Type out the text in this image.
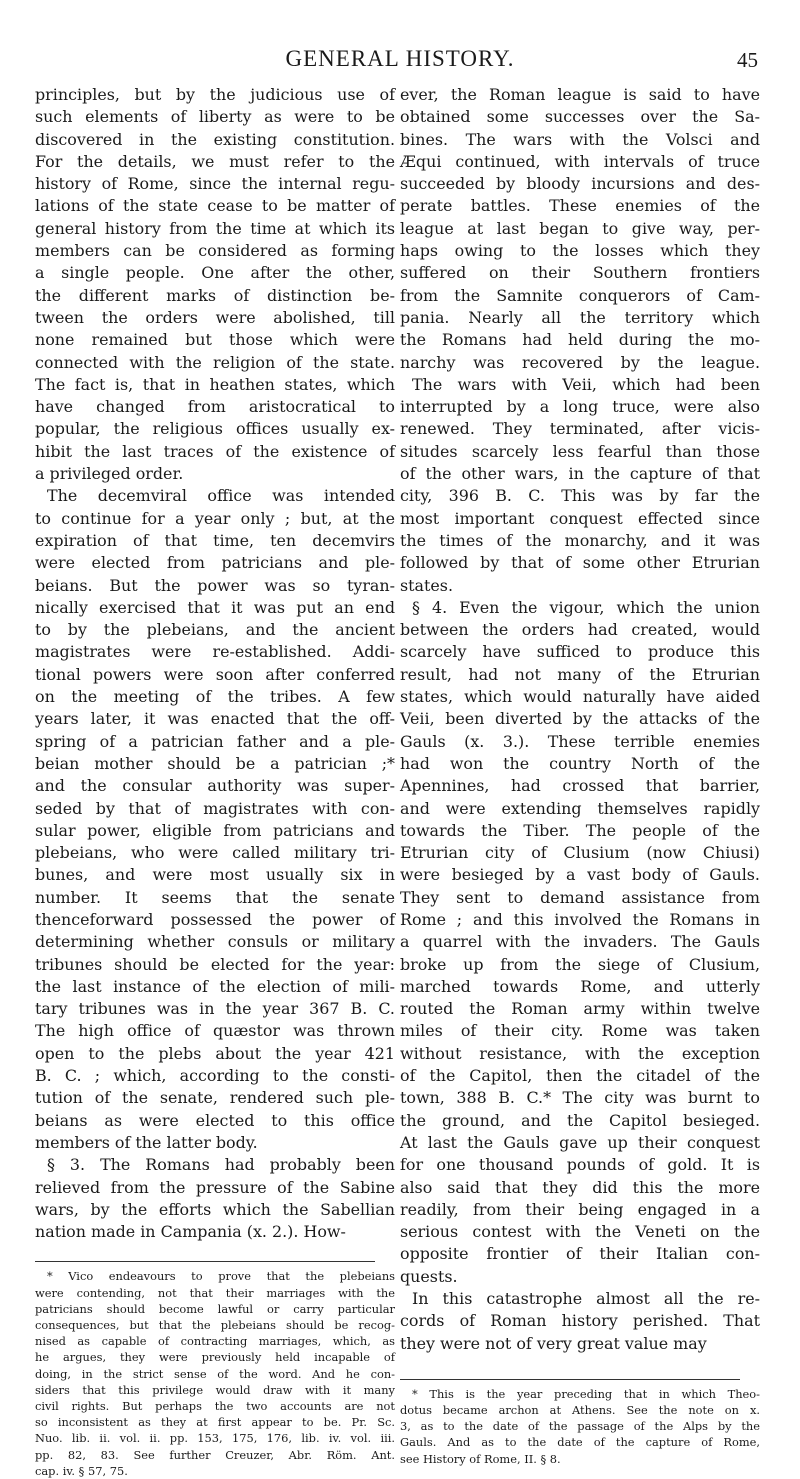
GENERAL HISTORY.	45
principles, but by the judicious use of
such elements of liberty as were to be
discovered in the existing constitution.
For the details, we must refer to the
history of Rome, since the internal regu-
lations of the state cease to be matter of
general history from the time at which its
members can be considered as forming
a single people. One after the other,
the different marks of distinction be-
tween the orders were abolished, till
none remained but those which were
connected with the religion of the state.
The fact is, that in heathen states, which
have changed from aristocratical to
popular, the religious offices usually ex-
hibit the last traces of the existence of
a privileged order.
The decemviral office was intended
to continue for a year only ; but, at the
expiration of that time, ten decemvirs
were elected from patricians and ple-
beians. But the power was so tyran-
nically exercised that it was put an end
to by the plebeians, and the ancient
magistrates were re-established. Addi-
tional powers were soon after conferred
on the meeting of the tribes. A few
years later, it was enacted that the off-
spring of a patrician father and a ple-
beian mother should be a patrician ;*
and the consular authority was super-
seded by that of magistrates with con-
sular power, eligible from patricians and
plebeians, who were called military tri-
bunes, and were most usually six in
number. It seems that the senate
thenceforward possessed the power of
determining whether consuls or military
tribunes should be elected for the year:
the last instance of the election of mili-
tary tribunes was in the year 367 B. C.
The high office of quæstor was thrown
open to the plebs about the year 421
B. C. ; which, according to the consti-
tution of the senate, rendered such ple-
beians as were elected to this office
members of the latter body.
§ 3. The Romans had probably been
relieved from the pressure of the Sabine
wars, by the efforts which the Sabellian
nation made in Campania (x. 2.). How-
* Vico endeavours to prove that the plebeians
were contending, not that their marriages with the
patricians should become lawful or carry particular
consequences, but that the plebeians should be recog-
nised as capable of contracting marriages, which, as
he argues, they were previously held incapable of
doing, in the strict sense of the word. And he con-
siders that this privilege would draw with it many
civil rights. But perhaps the two accounts are not
so inconsistent as they at first appear to be. Pr. Sc.
Nuo. lib. ii. vol. ii. pp. 153, 175, 176, lib. iv. vol. iii.
pp. 82, 83. See further Creuzer, Abr. Röm. Ant.
cap. iv. § 57, 75.
ever, the Roman league is said to have
obtained some successes over the Sa-
bines. The wars with the Volsci and
Æqui continued, with intervals of truce
succeeded by bloody incursions and des-
perate battles. These enemies of the
league at last began to give way, per-
haps owing to the losses which they
suffered on their Southern frontiers
from the Samnite conquerors of Cam-
pania. Nearly all the territory which
the Romans had held during the mo-
narchy was recovered by the league.
The wars with Veii, which had been
interrupted by a long truce, were also
renewed. They terminated, after vicis-
situdes scarcely less fearful than those
of the other wars, in the capture of that
city, 396 B. C. This was by far the
most important conquest effected since
the times of the monarchy, and it was
followed by that of some other Etrurian
states.
§ 4. Even the vigour, which the union
between the orders had created, would
scarcely have sufficed to produce this
result, had not many of the Etrurian
states, which would naturally have aided
Veii, been diverted by the attacks of the
Gauls (x. 3.). These terrible enemies
had won the country North of the
Apennines, had crossed that barrier,
and were extending themselves rapidly
towards the Tiber. The people of the
Etrurian city of Clusium (now Chiusi)
were besieged by a vast body of Gauls.
They sent to demand assistance from
Rome ; and this involved the Romans in
a quarrel with the invaders. The Gauls
broke up from the siege of Clusium,
marched towards Rome, and utterly
routed the Roman army within twelve
miles of their city. Rome was taken
without resistance, with the exception
of the Capitol, then the citadel of the
town, 388 B. C.* The city was burnt to
the ground, and the Capitol besieged.
At last the Gauls gave up their conquest
for one thousand pounds of gold. It is
also said that they did this the more
readily, from their being engaged in a
serious contest with the Veneti on the
opposite frontier of their Italian con-
quests.
In this catastrophe almost all the re-
cords of Roman history perished. That
they were not of very great value may
* This is the year preceding that in which Theo-
dotus became archon at Athens. See the note on x.
3, as to the date of the passage of the Alps by the
Gauls. And as to the date of the capture of Rome,
see History of Rome, II. § 8.
